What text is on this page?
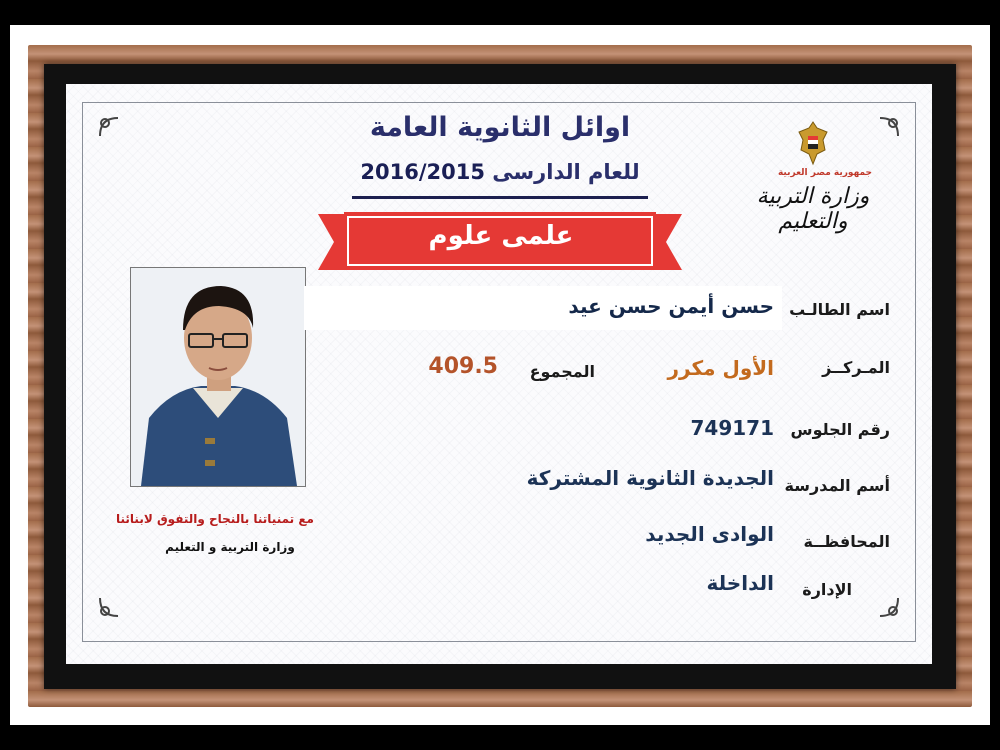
اوائل الثانوية العامة
للعام الدارسى 2016/2015	جمهورية مصر العربية
وزارة التربية والتعليم
علمى علوم
اسم الطالـب
حسن أيمن حسن عيد
المـركــز
الأول مكرر
المجموع
409.5
رقم الجلوس
749171
أسم المدرسة
الجديدة الثانوية المشتركة
المحافظــة
الوادى الجديد
الإدارة
الداخلة
مع تمنياتنا بالنجاح والتفوق لابنائنا
وزارة التربية و التعليم
